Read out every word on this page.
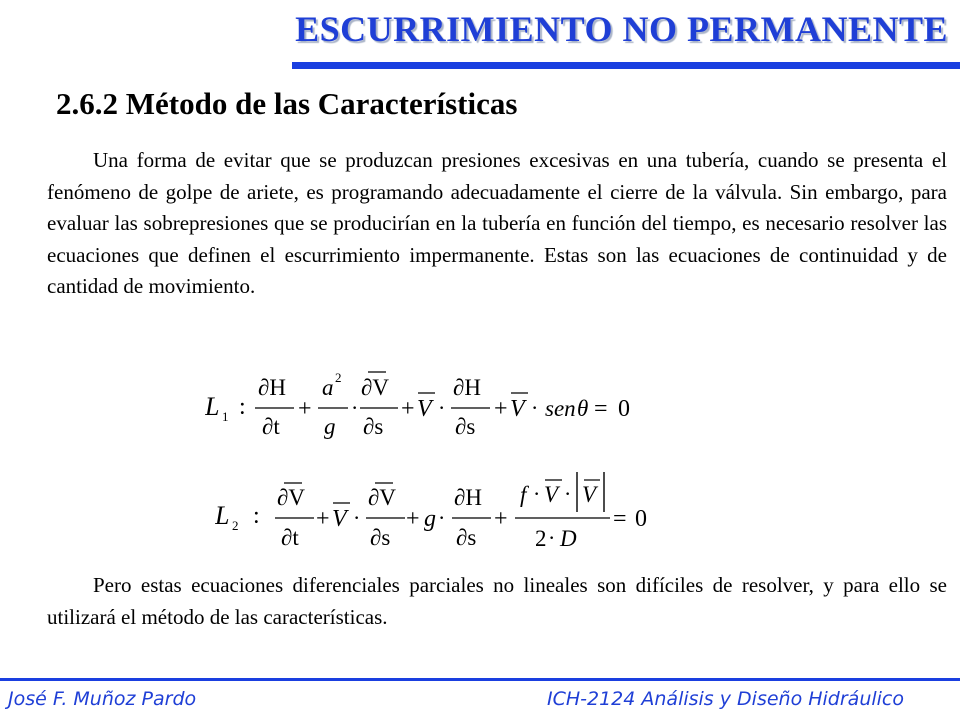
ESCURRIMIENTO NO PERMANENTE
2.6.2 Método de las Características

Una forma de evitar que se produzcan presiones excesivas en una tubería, cuando se presenta el fenómeno de golpe de ariete, es programando adecuadamente el cierre de la válvula. Sin embargo, para evaluar las sobrepresiones que se producirían en la tubería en función del tiempo, es necesario resolver las ecuaciones que definen el escurrimiento impermanente. Estas son las ecuaciones de continuidad y de cantidad de movimiento.

L 1 :
∂H
∂t
+
a 2
g
·
∂V
∂s
+ V ·
∂H
∂s
+ V · sen θ = 0
L 2 :
∂V
∂t
+ V ·
∂V
∂s
+ g ·
∂H
∂s
+
f · V · V
2 · D
= 0

Pero estas ecuaciones diferenciales parciales no lineales son difíciles de resolver, y para ello se utilizará el método de las características.

José F. Muñoz Pardo	ICH-2124 Análisis y Diseño Hidráulico
